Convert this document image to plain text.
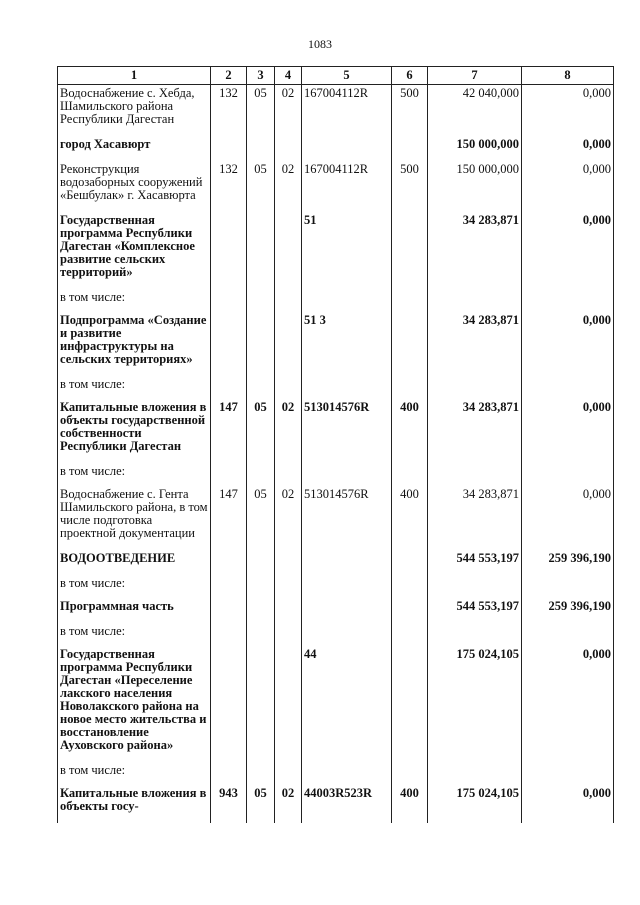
1083
1	2	3	4	5	6	7	8
Водоснабжение с. Хебда, Шамильского района Республики Дагестан	132	05	02	167004112R	500	42 040,000	0,000
город Хасавюрт						150 000,000	0,000
Реконструкция водозаборных сооружений «Бешбулак» г. Хасавюрта	132	05	02	167004112R	500	150 000,000	0,000
Государственная программа Республики Дагестан «Комплексное развитие сельских территорий»				51		34 283,871	0,000
в том числе:							
Подпрограмма «Создание и развитие инфраструктуры на сельских территориях»				51 3		34 283,871	0,000
в том числе:							
Капитальные вложения в объекты государственной собственности Республики Дагестан	147	05	02	513014576R	400	34 283,871	0,000
в том числе:							
Водоснабжение с. Гента Шамильского района, в том числе подготовка проектной документации	147	05	02	513014576R	400	34 283,871	0,000
ВОДООТВЕДЕНИЕ						544 553,197	259 396,190
в том числе:							
Программная часть						544 553,197	259 396,190
в том числе:							
Государственная программа Республики Дагестан «Переселение лакского населения Новолакского района на новое место жительства и восстановление Ауховского района»				44		175 024,105	0,000
в том числе:							
Капитальные вложения в объекты госу-	943	05	02	44003R523R	400	175 024,105	0,000
